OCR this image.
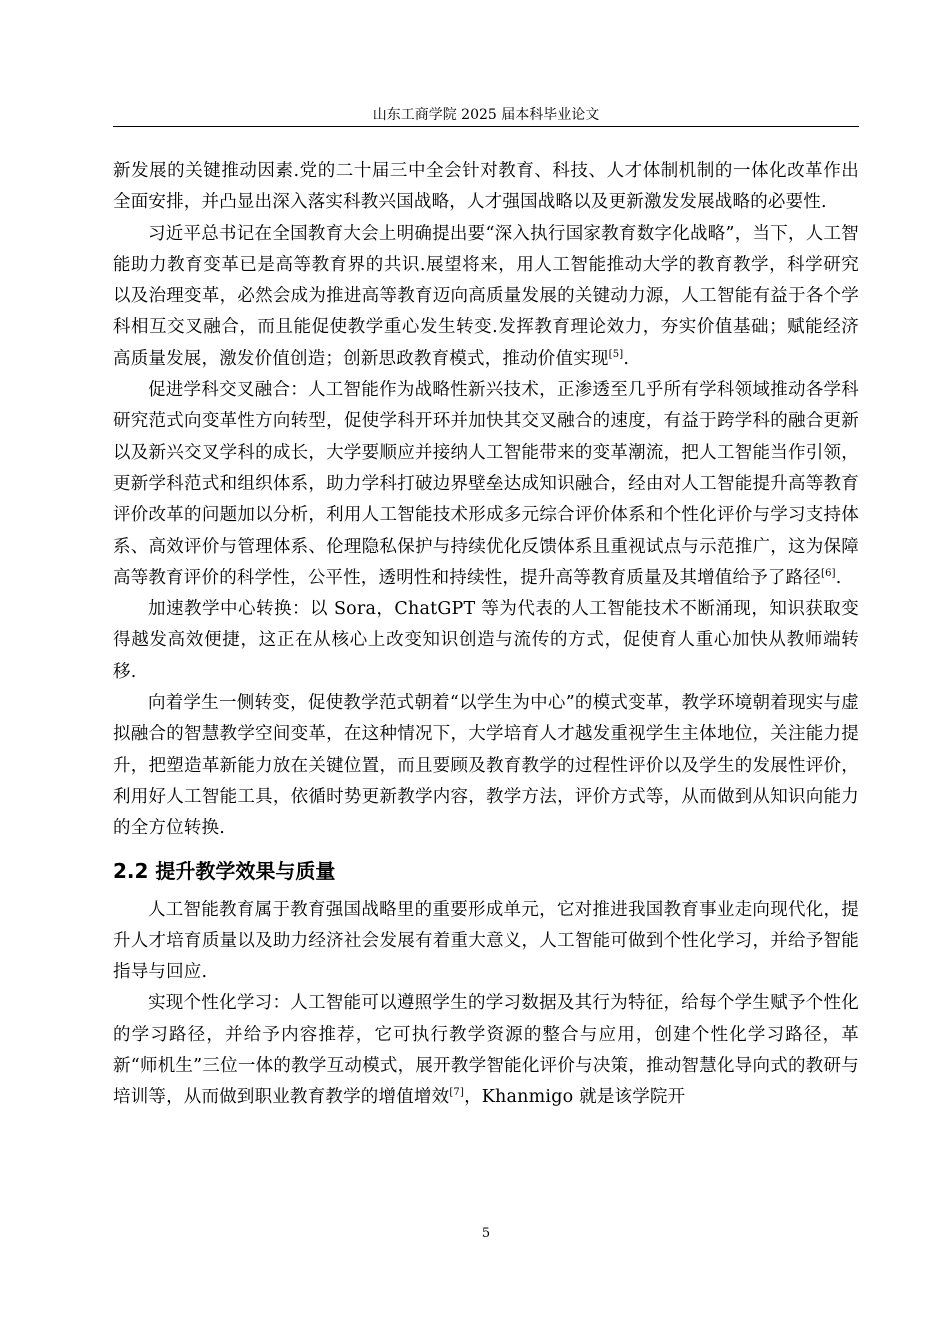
山东工商学院 2025 届本科毕业论文

新发展的关键推动因素.党的二十届三中全会针对教育、科技、人才体制机制的一体化改革作出全面安排，并凸显出深入落实科教兴国战略，人才强国战略以及更新激发发展战略的必要性.

习近平总书记在全国教育大会上明确提出要“深入执行国家教育数字化战略”，当下，人工智能助力教育变革已是高等教育界的共识.展望将来，用人工智能推动大学的教育教学，科学研究以及治理变革，必然会成为推进高等教育迈向高质量发展的关键动力源，人工智能有益于各个学科相互交叉融合，而且能促使教学重心发生转变.发挥教育理论效力，夯实价值基础；赋能经济高质量发展，激发价值创造；创新思政教育模式，推动价值实现[5].

促进学科交叉融合：人工智能作为战略性新兴技术，正渗透至几乎所有学科领域推动各学科研究范式向变革性方向转型，促使学科开环并加快其交叉融合的速度，有益于跨学科的融合更新以及新兴交叉学科的成长，大学要顺应并接纳人工智能带来的变革潮流，把人工智能当作引领，更新学科范式和组织体系，助力学科打破边界壁垒达成知识融合，经由对人工智能提升高等教育评价改革的问题加以分析，利用人工智能技术形成多元综合评价体系和个性化评价与学习支持体系、高效评价与管理体系、伦理隐私保护与持续优化反馈体系且重视试点与示范推广，这为保障高等教育评价的科学性，公平性，透明性和持续性，提升高等教育质量及其增值给予了路径[6].

加速教学中心转换：以 Sora，ChatGPT 等为代表的人工智能技术不断涌现，知识获取变得越发高效便捷，这正在从核心上改变知识创造与流传的方式，促使育人重心加快从教师端转移.

向着学生一侧转变，促使教学范式朝着“以学生为中心”的模式变革，教学环境朝着现实与虚拟融合的智慧教学空间变革，在这种情况下，大学培育人才越发重视学生主体地位，关注能力提升，把塑造革新能力放在关键位置，而且要顾及教育教学的过程性评价以及学生的发展性评价，利用好人工智能工具，依循时势更新教学内容，教学方法，评价方式等，从而做到从知识向能力的全方位转换.

2.2 提升教学效果与质量

人工智能教育属于教育强国战略里的重要形成单元，它对推进我国教育事业走向现代化，提升人才培育质量以及助力经济社会发展有着重大意义，人工智能可做到个性化学习，并给予智能指导与回应.

实现个性化学习：人工智能可以遵照学生的学习数据及其行为特征，给每个学生赋予个性化的学习路径，并给予内容推荐，它可执行教学资源的整合与应用，创建个性化学习路径，革新“师机生”三位一体的教学互动模式，展开教学智能化评价与决策，推动智慧化导向式的教研与培训等，从而做到职业教育教学的增值增效[7]，Khanmigo 就是该学院开

5
